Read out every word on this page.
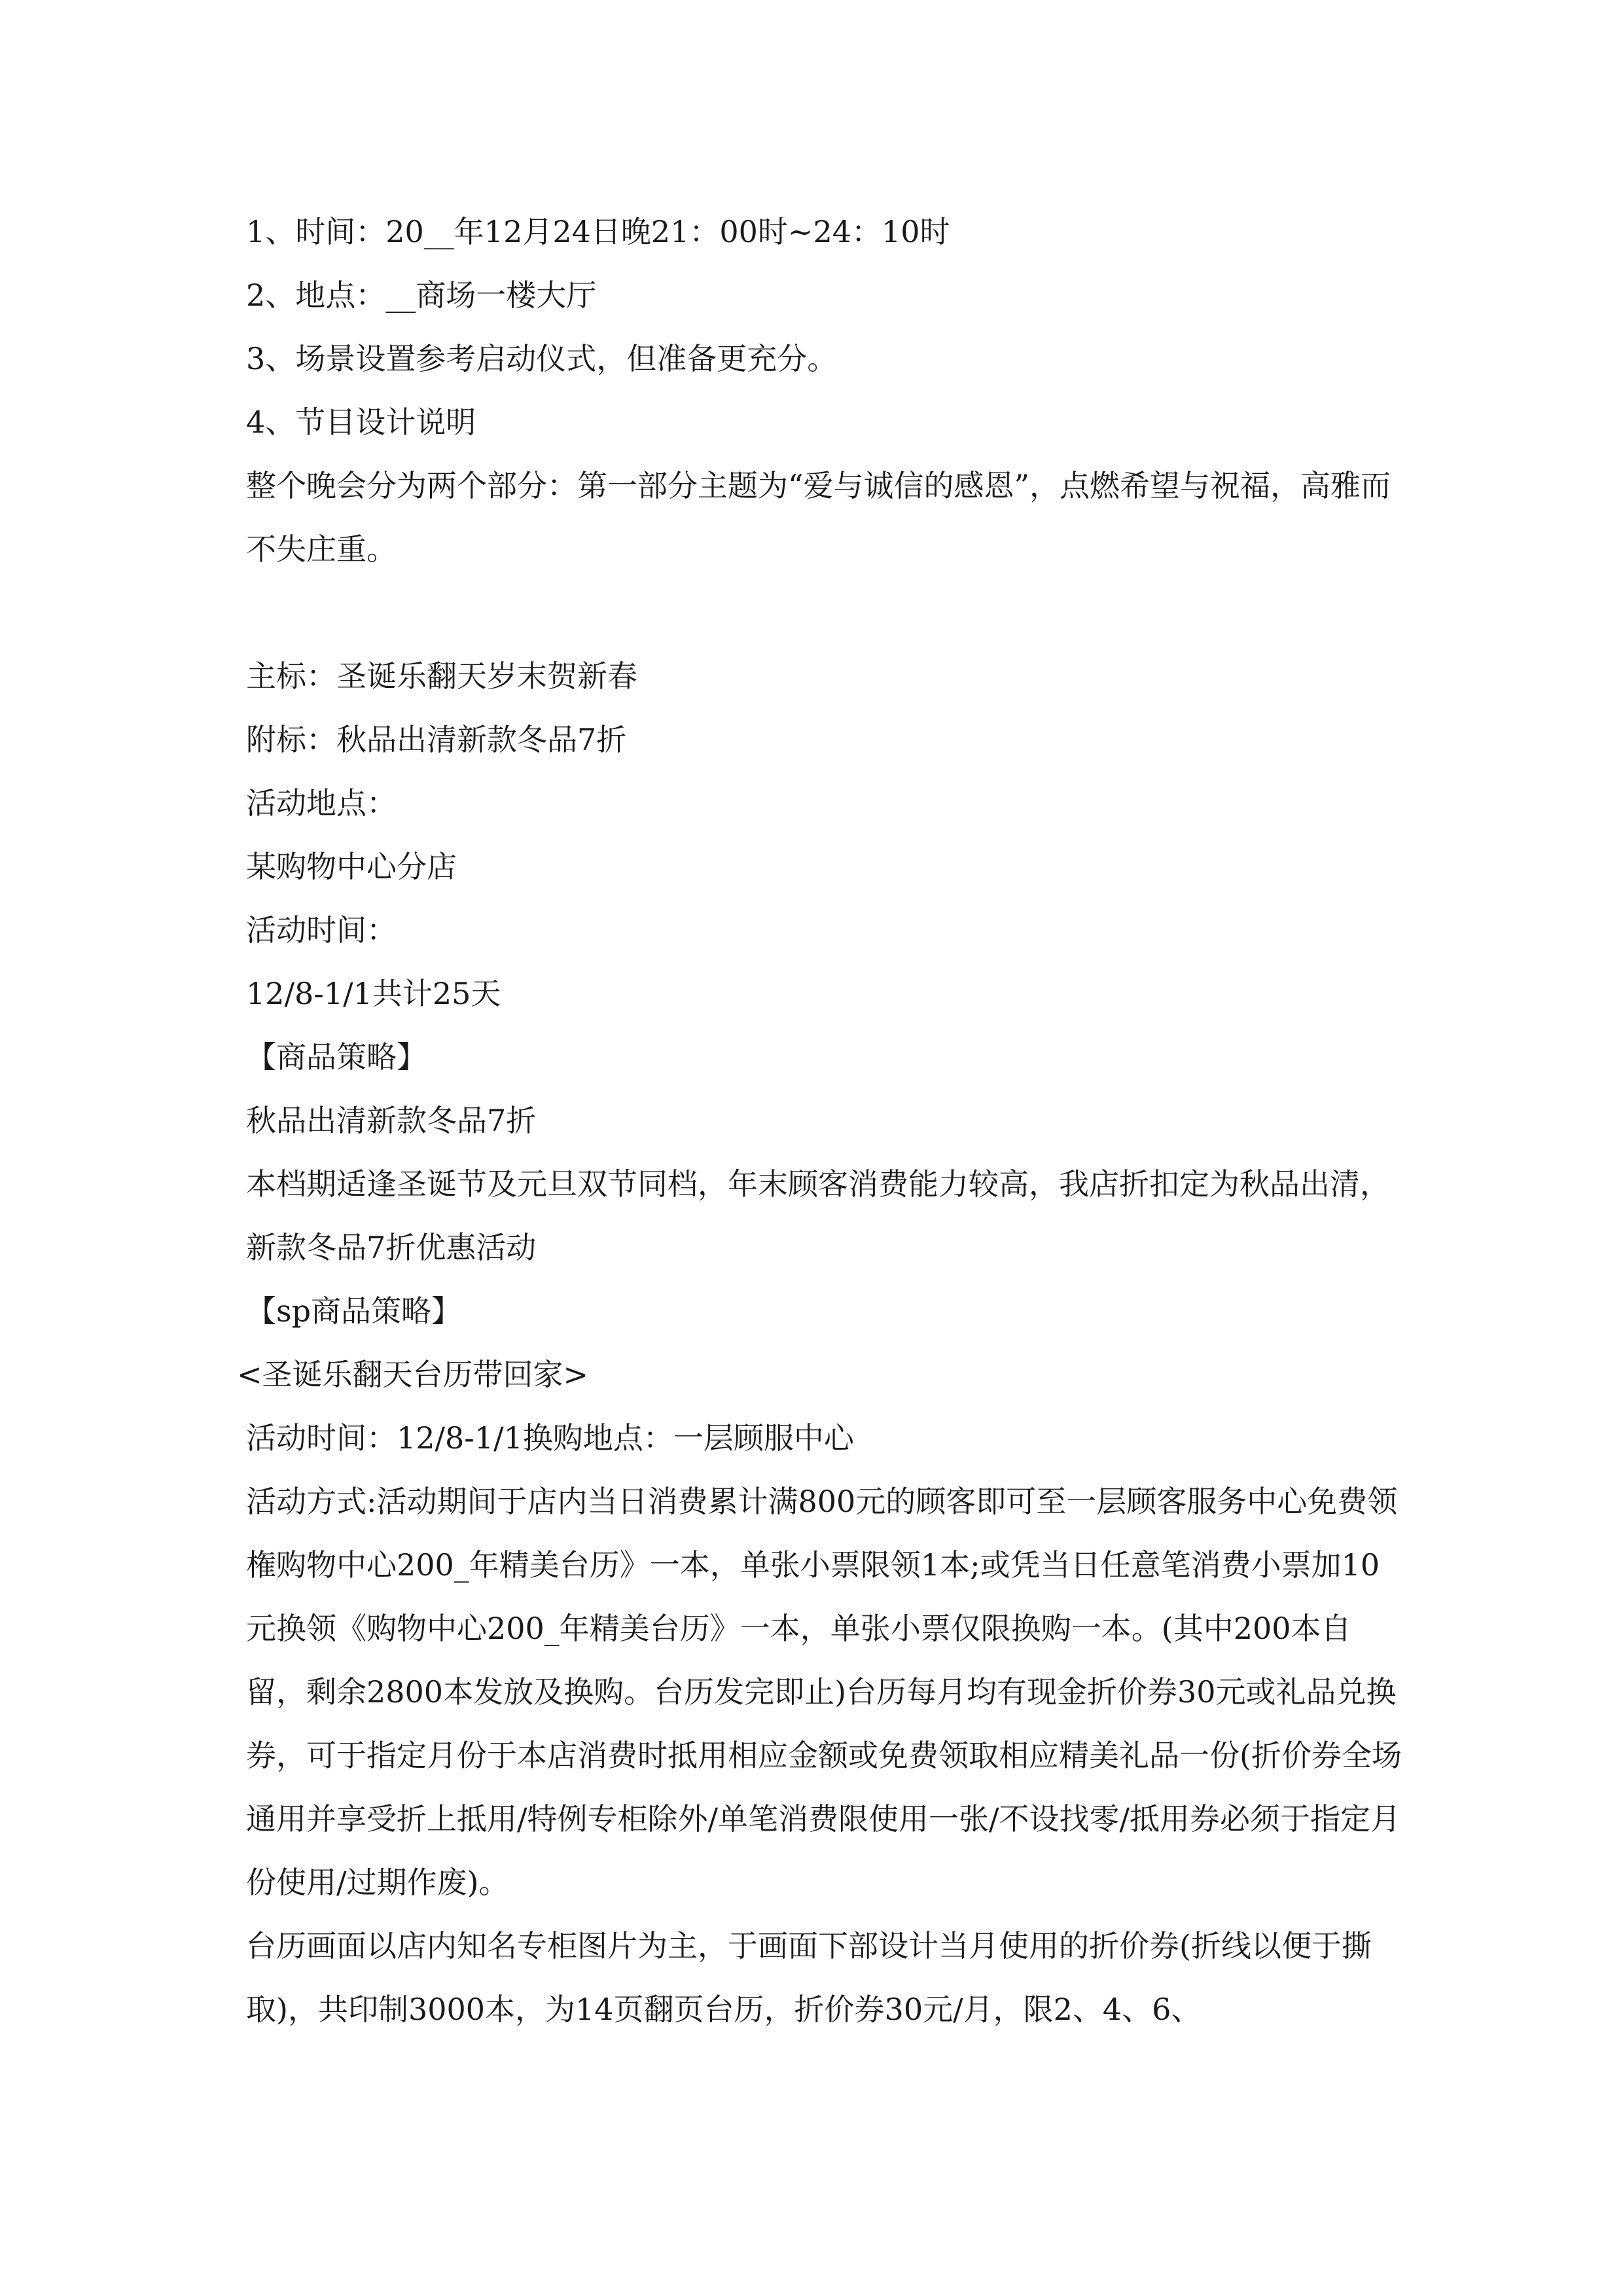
1、时间：20__年12月24日晚21：00时~24：10时

2、地点：__商场一楼大厅

3、场景设置参考启动仪式，但准备更充分。

4、节目设计说明

整个晚会分为两个部分：第一部分主题为“爱与诚信的感恩”，点燃希望与祝福，高雅而不失庄重。

主标：圣诞乐翻天岁末贺新春

附标：秋品出清新款冬品7折

活动地点：

某购物中心分店

活动时间：

12/8-1/1共计25天

【商品策略】

秋品出清新款冬品7折

本档期适逢圣诞节及元旦双节同档，年末顾客消费能力较高，我店折扣定为秋品出清，新款冬品7折优惠活动

【sp商品策略】

<圣诞乐翻天台历带回家>

活动时间：12/8-1/1换购地点：一层顾服中心

活动方式:活动期间于店内当日消费累计满800元的顾客即可至一层顾客服务中心免费领権购物中心200_年精美台历》一本，单张小票限领1本;或凭当日任意笔消费小票加10元换领《购物中心200_年精美台历》一本，单张小票仅限换购一本。(其中200本自留，剩余2800本发放及换购。台历发完即止)台历每月均有现金折价券30元或礼品兑换券，可于指定月份于本店消费时抵用相应金额或免费领取相应精美礼品一份(折价券全场通用并享受折上抵用/特例专柜除外/单笔消费限使用一张/不设找零/抵用券必须于指定月份使用/过期作废)。

台历画面以店内知名专柜图片为主，于画面下部设计当月使用的折价券(折线以便于撕取)，共印制3000本，为14页翻页台历，折价券30元/月，限2、4、6、
